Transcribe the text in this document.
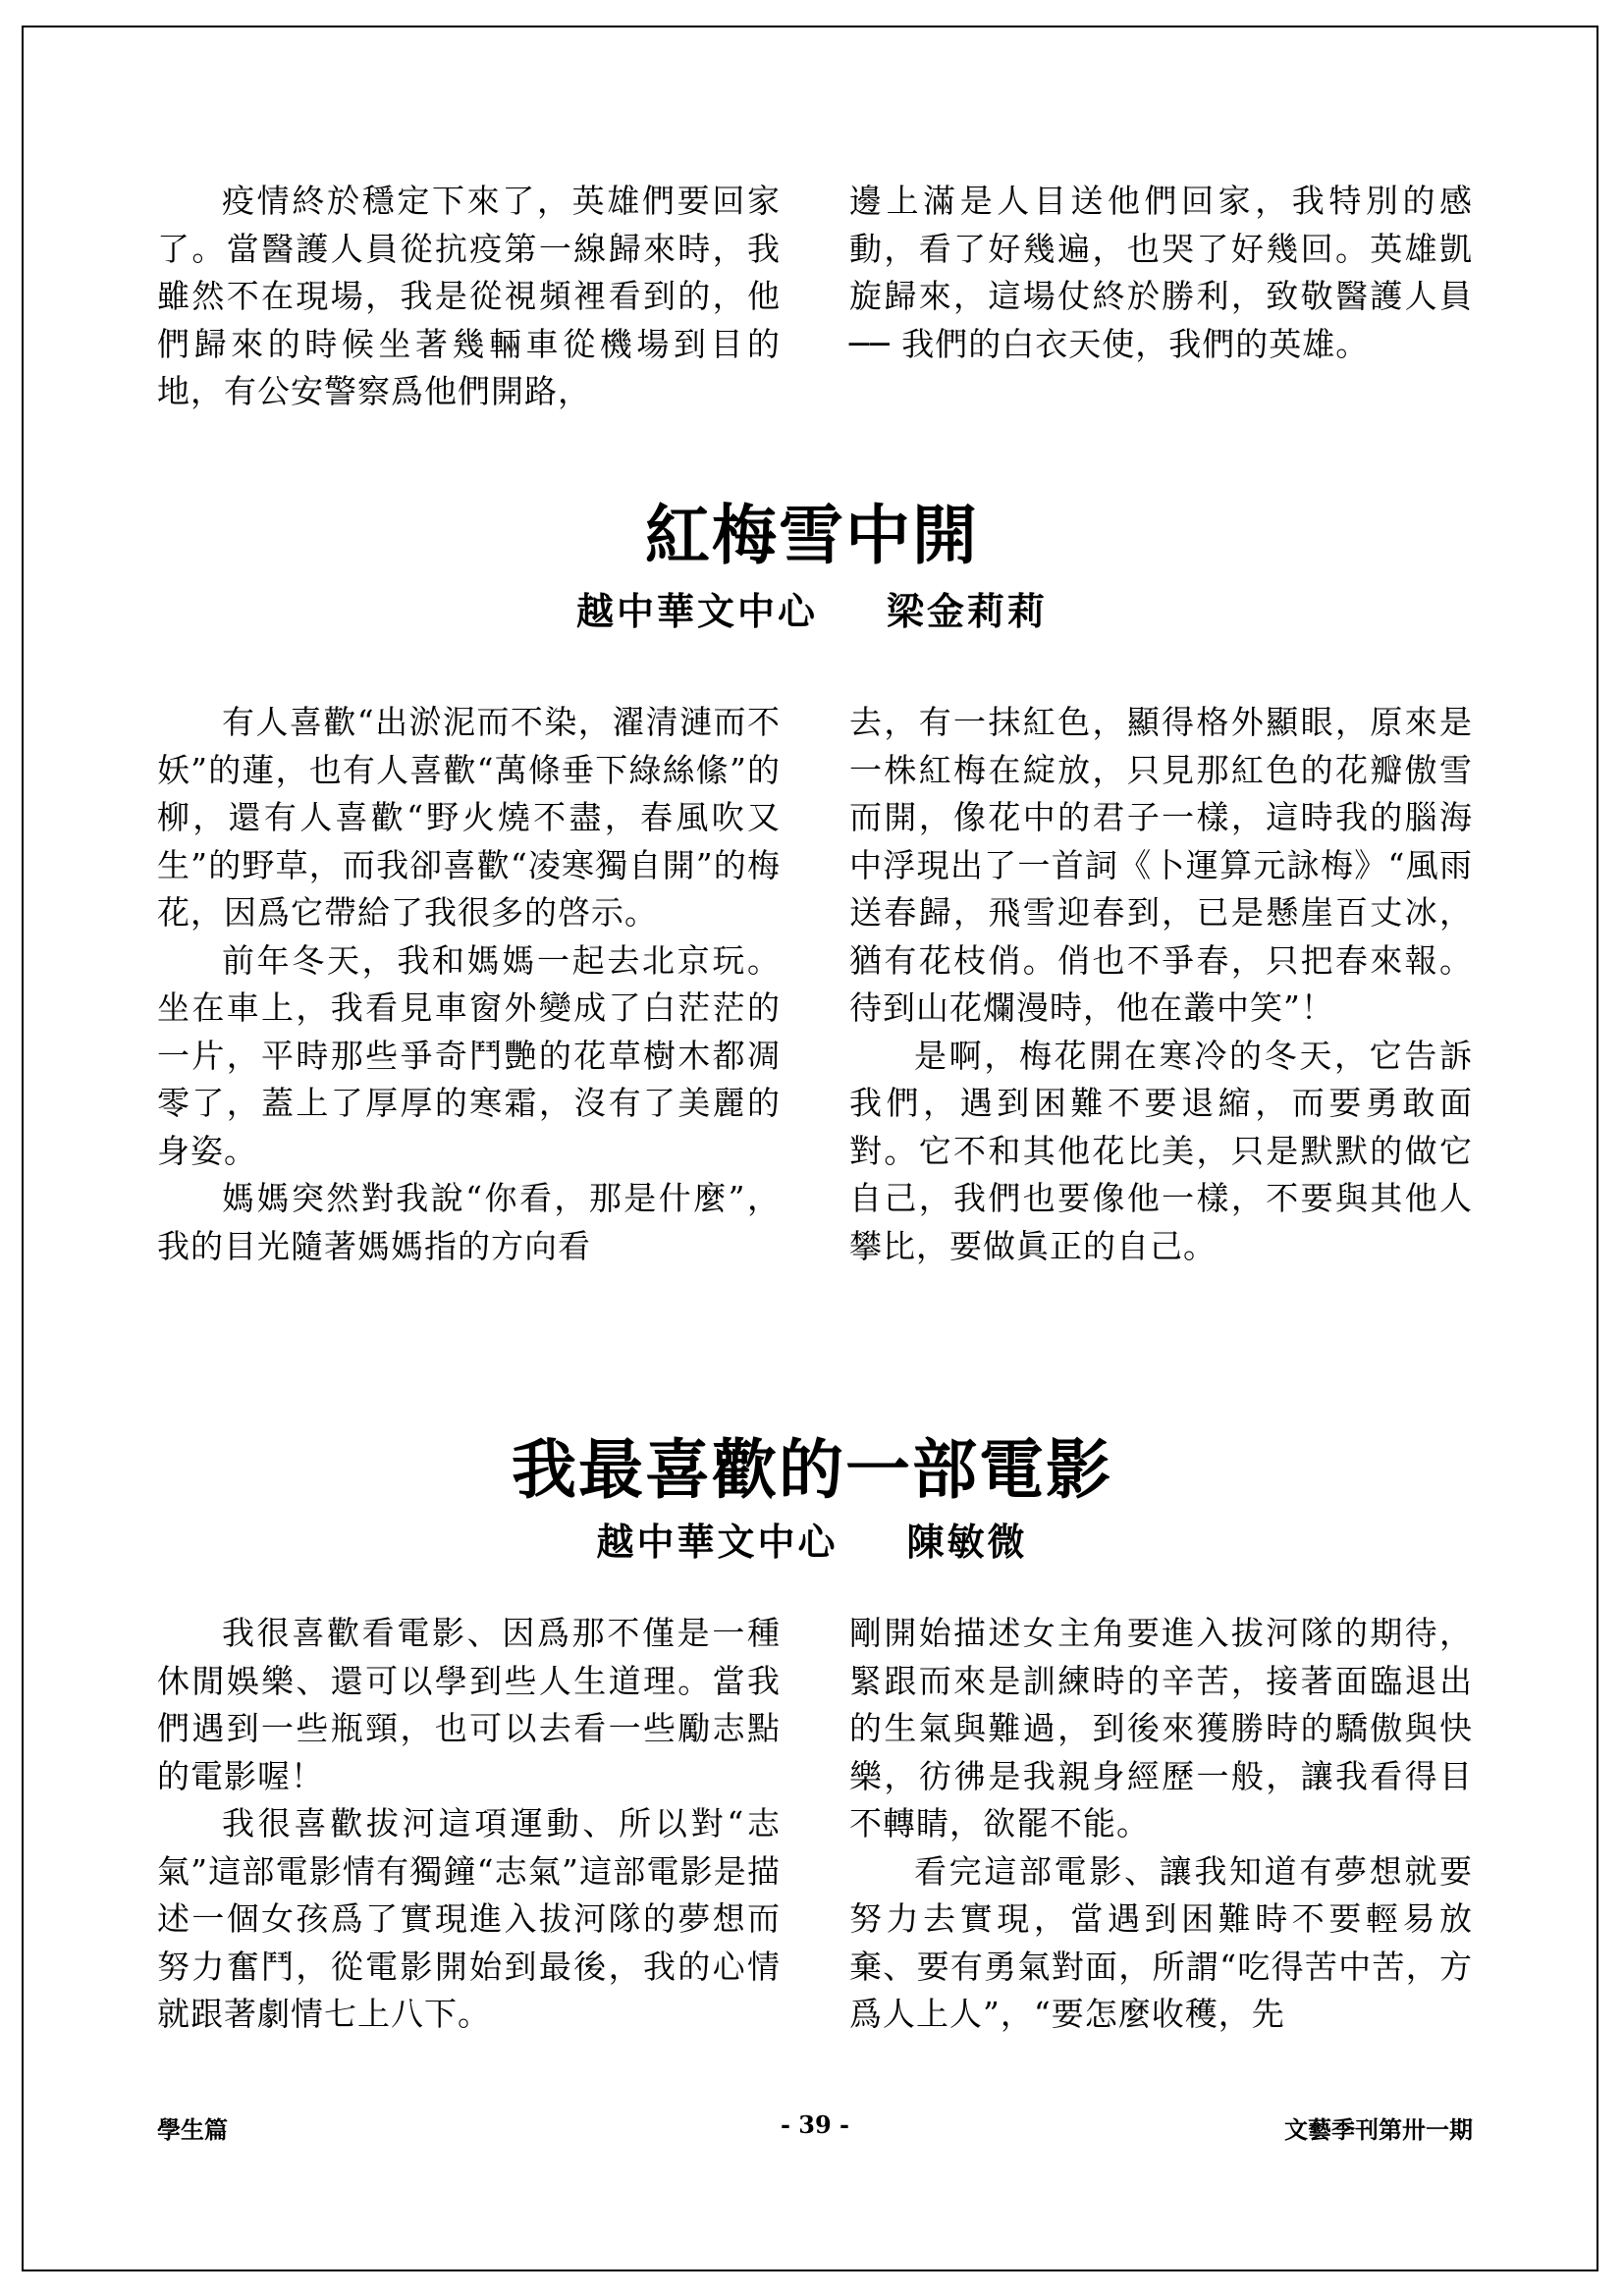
疫情終於穩定下來了，英雄們要回家了。當醫護人員從抗疫第一線歸來時，我雖然不在現場，我是從視頻裡看到的，他們歸來的時候坐著幾輛車從機場到目的地，有公安警察爲他們開路，

邊上滿是人目送他們回家，我特別的感動，看了好幾遍，也哭了好幾回。英雄凱旋歸來，這場仗終於勝利，致敬醫護人員 ── 我們的白衣天使，我們的英雄。

紅梅雪中開
越中華文中心 梁金莉莉

有人喜歡“出淤泥而不染，濯清漣而不妖”的蓮，也有人喜歡“萬條垂下綠絲絛”的柳，還有人喜歡“野火燒不盡，春風吹又生”的野草，而我卻喜歡“凌寒獨自開”的梅花，因爲它帶給了我很多的啓示。

前年冬天，我和媽媽一起去北京玩。坐在車上，我看見車窗外變成了白茫茫的一片，平時那些爭奇鬥艷的花草樹木都凋零了，蓋上了厚厚的寒霜，沒有了美麗的身姿。

媽媽突然對我說“你看，那是什麼”，我的目光隨著媽媽指的方向看

去，有一抹紅色，顯得格外顯眼，原來是一株紅梅在綻放，只見那紅色的花瓣傲雪而開，像花中的君子一樣，這時我的腦海中浮現出了一首詞《卜運算元詠梅》“風雨送春歸，飛雪迎春到，已是懸崖百丈冰，猶有花枝俏。俏也不爭春，只把春來報。待到山花爛漫時，他在叢中笑”！

是啊，梅花開在寒冷的冬天，它告訴我們，遇到困難不要退縮，而要勇敢面對。它不和其他花比美，只是默默的做它自己，我們也要像他一樣，不要與其他人攀比，要做眞正的自己。

我最喜歡的一部電影
越中華文中心 陳敏微

我很喜歡看電影、因爲那不僅是一種休閒娛樂、還可以學到些人生道理。當我們遇到一些瓶頸，也可以去看一些勵志點的電影喔！

我很喜歡拔河這項運動、所以對“志氣”這部電影情有獨鐘“志氣”這部電影是描述一個女孩爲了實現進入拔河隊的夢想而努力奮鬥，從電影開始到最後，我的心情就跟著劇情七上八下。

剛開始描述女主角要進入拔河隊的期待，緊跟而來是訓練時的辛苦，接著面臨退出的生氣與難過，到後來獲勝時的驕傲與快樂，彷彿是我親身經歷一般，讓我看得目不轉睛，欲罷不能。

看完這部電影、讓我知道有夢想就要努力去實現，當遇到困難時不要輕易放棄、要有勇氣對面，所謂“吃得苦中苦，方爲人上人”，“要怎麼收穫，先

學生篇	- 39 -	文藝季刊第卅一期
